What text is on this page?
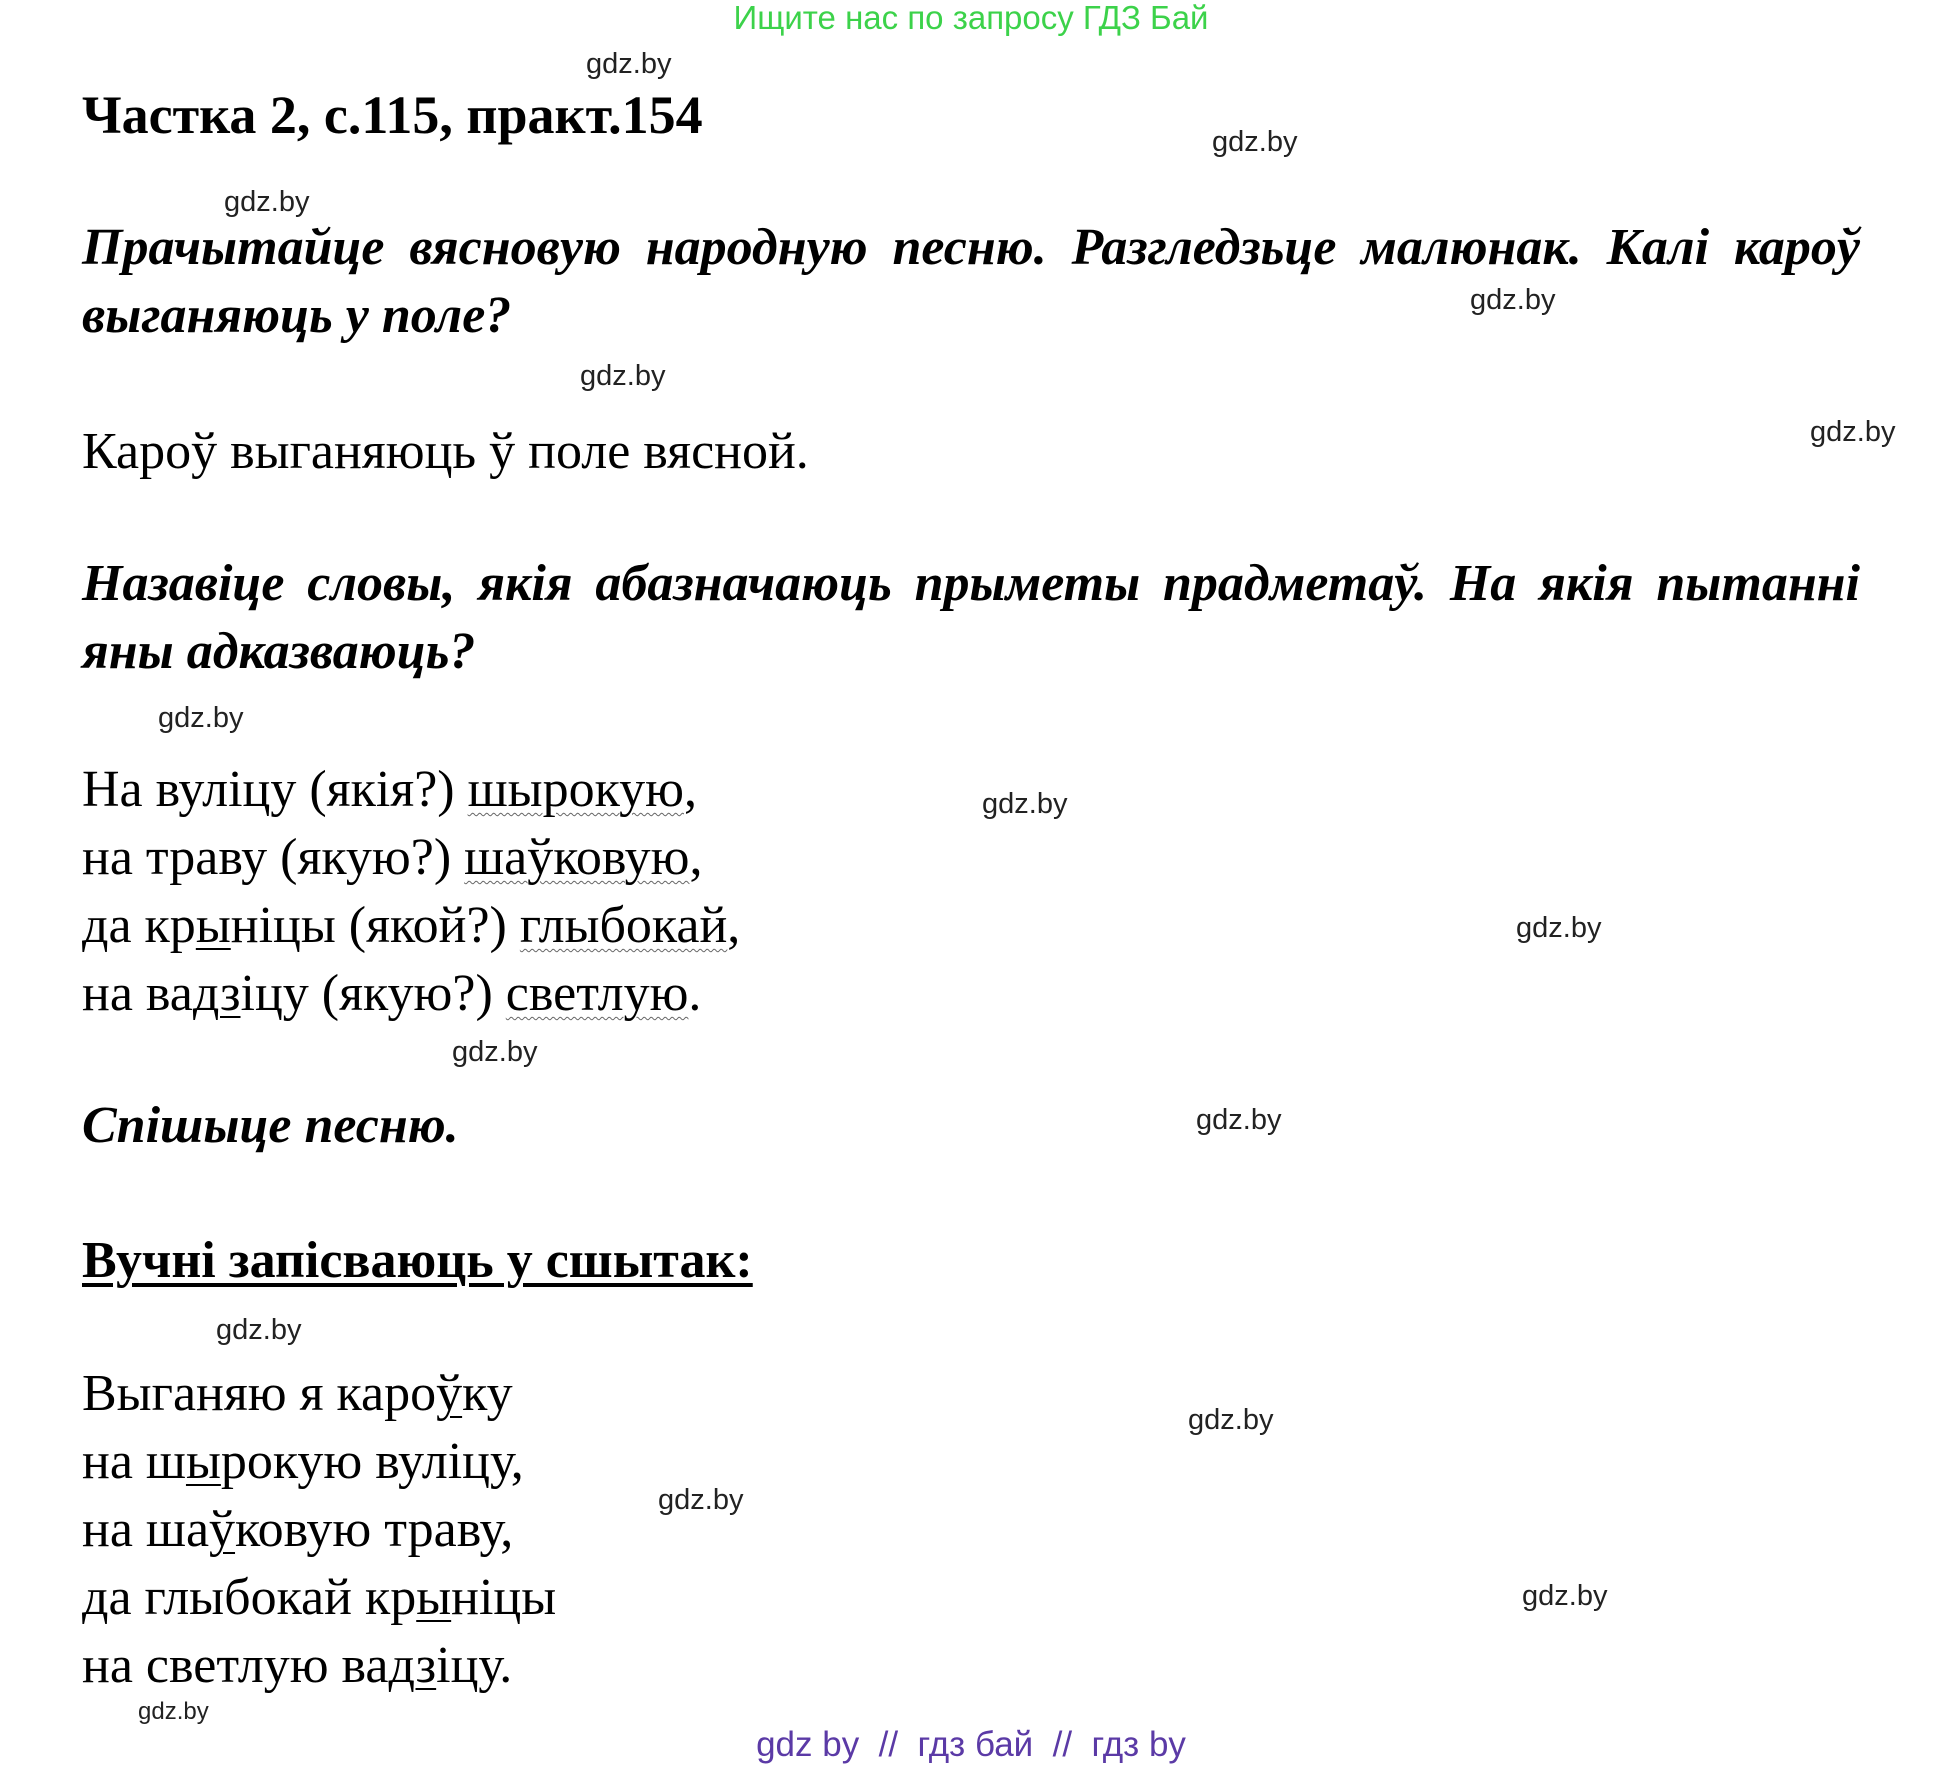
Ищите нас по запросу ГДЗ Бай
gdz.by
gdz.by
gdz.by
gdz.by
gdz.by
gdz.by
gdz.by
gdz.by
gdz.by
gdz.by
gdz.by
gdz.by
gdz.by
gdz.by
gdz.by
gdz.by
Частка 2, с.115, практ.154
Прачытайце вясновую народную песню. Разгледзьце малюнак. Калі кароў выганяюць у поле?
Кароў выганяюць ў поле вясной.
Назавіце словы, якія абазначаюць прыметы прадметаў. На якія пытанні яны адказваюць?
На вуліцу (якія?) шырокую,
на траву (якую?) шаўковую,
да крыніцы (якой?) глыбокай,
на вадзіцу (якую?) светлую.
Спішыце песню.
Вучні запісваюць у сшытак:
Выганяю я кароўку
на шырокую вуліцу,
на шаўковую траву,
да глыбокай крыніцы
на светлую вадзіцу.
gdz by  //  гдз бай  //  гдз by
